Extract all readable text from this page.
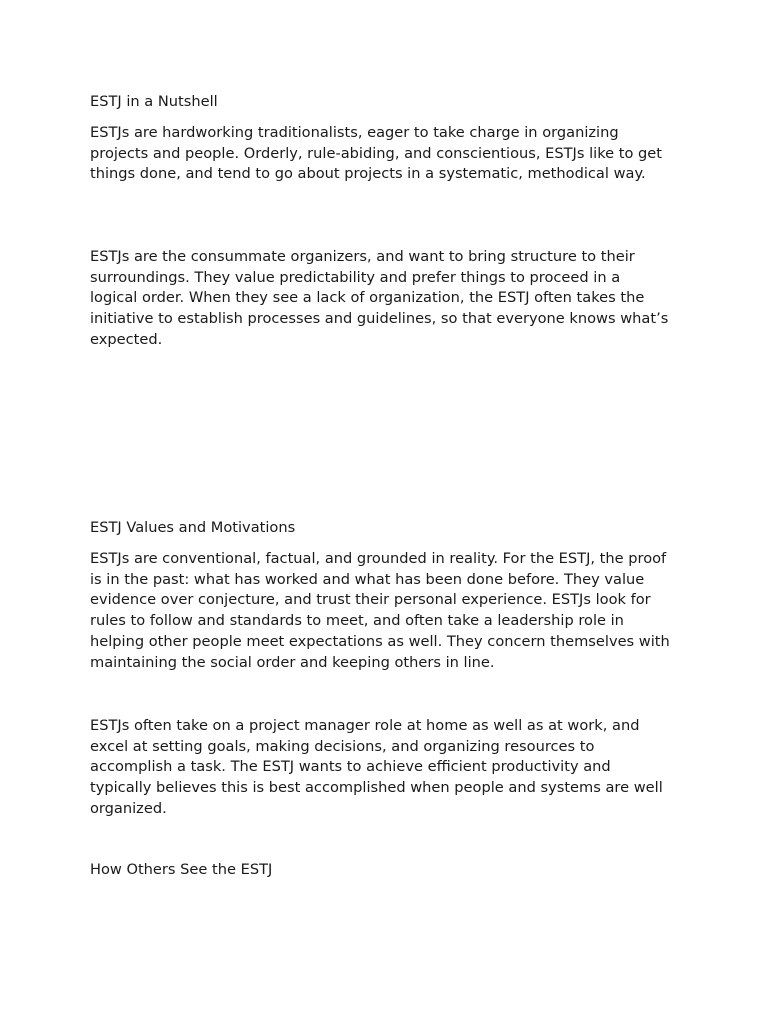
ESTJ in a Nutshell

ESTJs are hardworking traditionalists, eager to take charge in organizing projects and people. Orderly, rule-abiding, and conscientious, ESTJs like to get things done, and tend to go about projects in a systematic, methodical way.

ESTJs are the consummate organizers, and want to bring structure to their surroundings. They value predictability and prefer things to proceed in a logical order. When they see a lack of organization, the ESTJ often takes the initiative to establish processes and guidelines, so that everyone knows what’s expected.

ESTJ Values and Motivations

ESTJs are conventional, factual, and grounded in reality. For the ESTJ, the proof is in the past: what has worked and what has been done before. They value evidence over conjecture, and trust their personal experience. ESTJs look for rules to follow and standards to meet, and often take a leadership role in helping other people meet expectations as well. They concern themselves with maintaining the social order and keeping others in line.

ESTJs often take on a project manager role at home as well as at work, and excel at setting goals, making decisions, and organizing resources to accomplish a task. The ESTJ wants to achieve efficient productivity and typically believes this is best accomplished when people and systems are well organized.

How Others See the ESTJ
